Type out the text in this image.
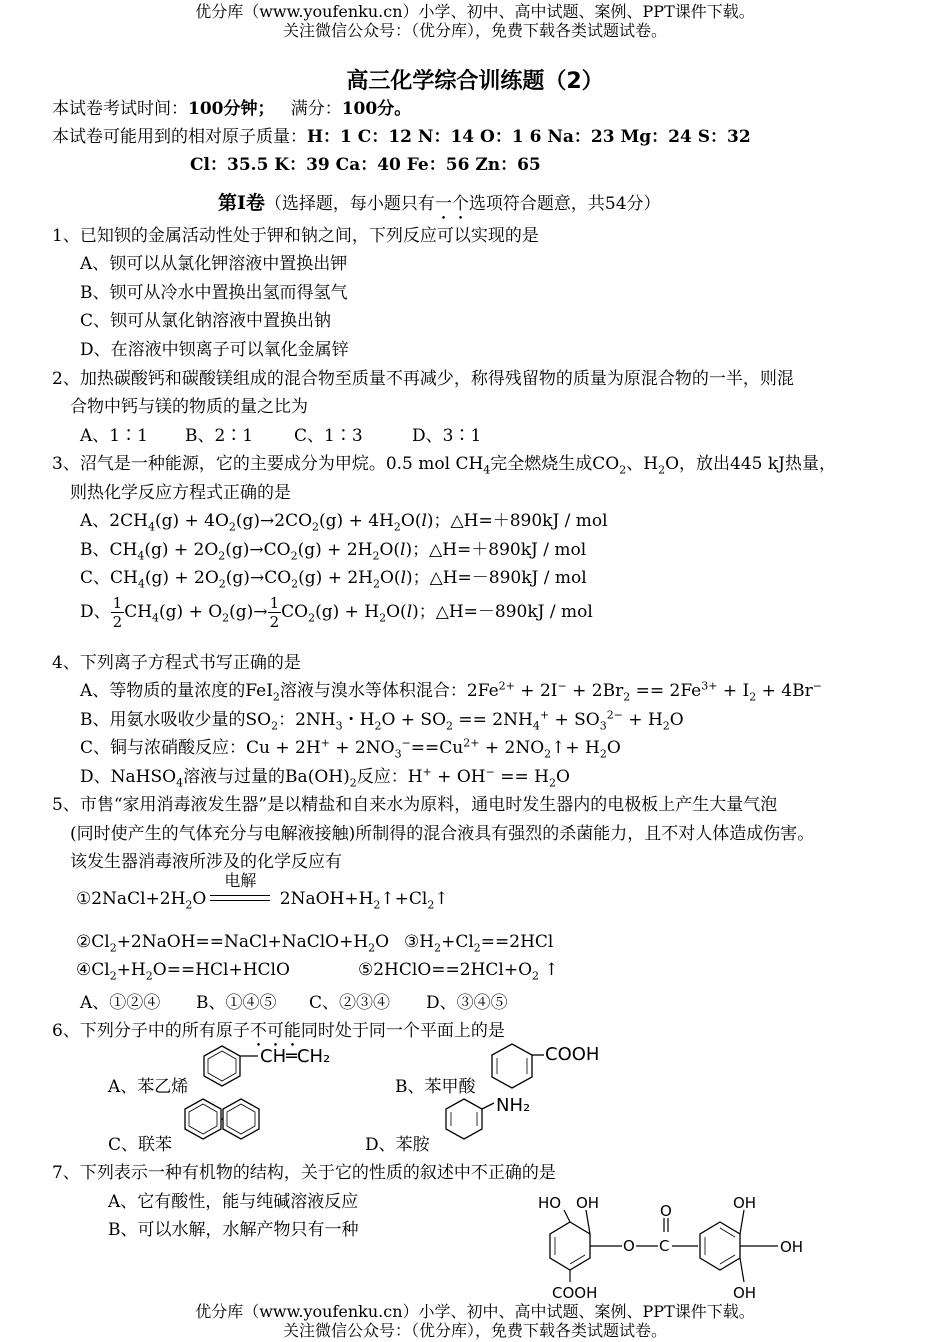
优分库（www.youfenku.cn）小学、初中、高中试题、案例、PPT课件下载。
关注微信公众号：（优分库），免费下载各类试题试卷。
高三化学综合训练题（2）
本试卷考试时间：100分钟； 满分：100分。
本试卷可能用到的相对原子质量：H：1 C：12 N：14 O：1 6 Na：23 Mg：24 S：32
Cl：35.5 K：39 Ca：40 Fe：56 Zn：65
第Ⅰ卷（选择题，每小题只有一个选项符合题意，共54分）
1、已知钡的金属活动性处于钾和钠之间，下列反应可以实现的是
A、钡可以从氯化钾溶液中置换出钾
B、钡可从冷水中置换出氢而得氢气
C、钡可从氯化钠溶液中置换出钠
D、在溶液中钡离子可以氧化金属锌
2、加热碳酸钙和碳酸镁组成的混合物至质量不再减少，称得残留物的质量为原混合物的一半，则混
合物中钙与镁的物质的量之比为
A、1∶1 B、2∶1 C、1∶3	D、3∶1
3、沼气是一种能源，它的主要成分为甲烷。0.5 mol $CH_4$完全燃烧生成$CO_2$、$H_2O$，放出445 kJ热量，
则热化学反应方程式正确的是
A、$2CH_4(g) + 4O_2(g)\to 2CO_2(g) + 4H_2O(l)$；△H=＋890kJ / mol
B、$CH_4(g) + 2O_2(g)\to CO_2(g) + 2H_2O(l)$；△H=＋890kJ / mol
C、$CH_4(g) + 2O_2(g)\to CO_2(g) + 2H_2O(l)$；△H=－890kJ / mol
D、 $\frac{1}{2} CH_4(g) + O_2(g)\to \frac{1}{2} CO_2(g) + H_2O(l)$；△H=－890kJ / mol
4、下列离子方程式书写正确的是
A、等物质的量浓度的FeI$_2$溶液与溴水等体积混合：$2Fe^{2+} + 2I^- + 2Br_2 == 2Fe^{3+} + I_2 + 4Br^-$
B、用氨水吸收少量的$SO_2$：$2NH_3$・$H_2O + SO_2 == 2NH_4^+ + SO_3^{2-} + H_2O$
C、铜与浓硝酸反应：$Cu + 2H^+ + 2NO_3^-==Cu^{2+}$ + $2NO_2↑+ H_2O$
D、NaHSO$_4$溶液与过量的$Ba(OH)_2$反应：$H^+ + OH^- == H_2O$
5、市售“家用消毒液发生器”是以精盐和自来水为原料，通电时发生器内的电极板上产生大量气泡
(同时使产生的气体充分与电解液接触)所制得的混合液具有强烈的杀菌能力，且不对人体造成伤害。
该发生器消毒液所涉及的化学反应有
$①2NaCl+2H_2O$
电解
$2NaOH+H_2↑+Cl_2↑$
$②Cl_2+2NaOH==NaCl+NaClO+H_2O$ $③H_2+Cl_2==2HCl$
$④Cl_2+H_2O==HCl+HClO$	$⑤2HClO==2HCl+O_2$ ↑
A、①②④ B、①④⑤ C、②③④ D、③④⑤
6、下列分子中的所有原子不可能同时处于同一个平面上的是
A、苯乙烯	B、苯甲酸
C、联苯	D、苯胺
CH═CH₂	COOH
NH₂
7、下列表示一种有机物的结构，关于它的性质的叙述中不正确的是
A、它有酸性，能与纯碱溶液反应
B、可以水解，水解产物只有一种
HO OH
COOH
O C
O	OH
OH
OH
优分库（www.youfenku.cn）小学、初中、高中试题、案例、PPT课件下载。
关注微信公众号：（优分库），免费下载各类试题试卷。
